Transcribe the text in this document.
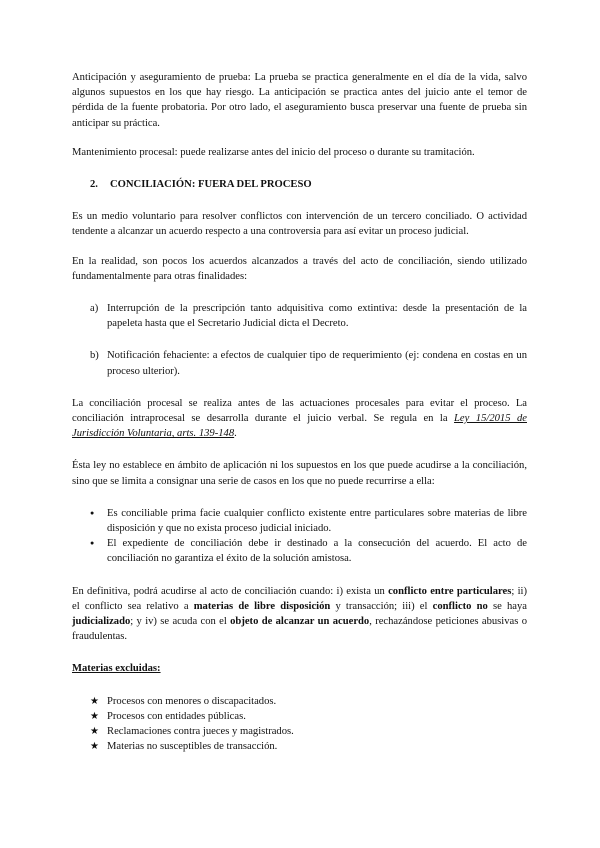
Anticipación y aseguramiento de prueba: La prueba se practica generalmente en el día de la vida, salvo algunos supuestos en los que hay riesgo. La anticipación se practica antes del juicio ante el temor de pérdida de la fuente probatoria. Por otro lado, el aseguramiento busca preservar una fuente de prueba sin anticipar su práctica.

Mantenimiento procesal: puede realizarse antes del inicio del proceso o durante su tramitación.

2.	CONCILIACIÓN: FUERA DEL PROCESO

Es un medio voluntario para resolver conflictos con intervención de un tercero conciliado. O actividad tendente a alcanzar un acuerdo respecto a una controversia para así evitar un proceso judicial.

En la realidad, son pocos los acuerdos alcanzados a través del acto de conciliación, siendo utilizado fundamentalmente para otras finalidades:

a) Interrupción de la prescripción tanto adquisitiva como extintiva: desde la presentación de la papeleta hasta que el Secretario Judicial dicta el Decreto.
b) Notificación fehaciente: a efectos de cualquier tipo de requerimiento (ej: condena en costas en un proceso ulterior).

La conciliación procesal se realiza antes de las actuaciones procesales para evitar el proceso. La conciliación intraprocesal se desarrolla durante el juicio verbal. Se regula en la Ley 15/2015 de Jurisdicción Voluntaria, arts. 139-148.

Ésta ley no establece en ámbito de aplicación ni los supuestos en los que puede acudirse a la conciliación, sino que se limita a consignar una serie de casos en los que no puede recurrirse a ella:

●	Es conciliable prima facie cualquier conflicto existente entre particulares sobre materias de libre disposición y que no exista proceso judicial iniciado.
●	El expediente de conciliación debe ir destinado a la consecución del acuerdo. El acto de conciliación no garantiza el éxito de la solución amistosa.

En definitiva, podrá acudirse al acto de conciliación cuando: i) exista un conflicto entre particulares; ii) el conflicto sea relativo a materias de libre disposición y transacción; iii) el conflicto no se haya judicializado; y iv) se acuda con el objeto de alcanzar un acuerdo, rechazándose peticiones abusivas o fraudulentas.

Materias excluidas:

★ Procesos con menores o discapacitados.
★ Procesos con entidades públicas.
★ Reclamaciones contra jueces y magistrados.
★ Materias no susceptibles de transacción.
